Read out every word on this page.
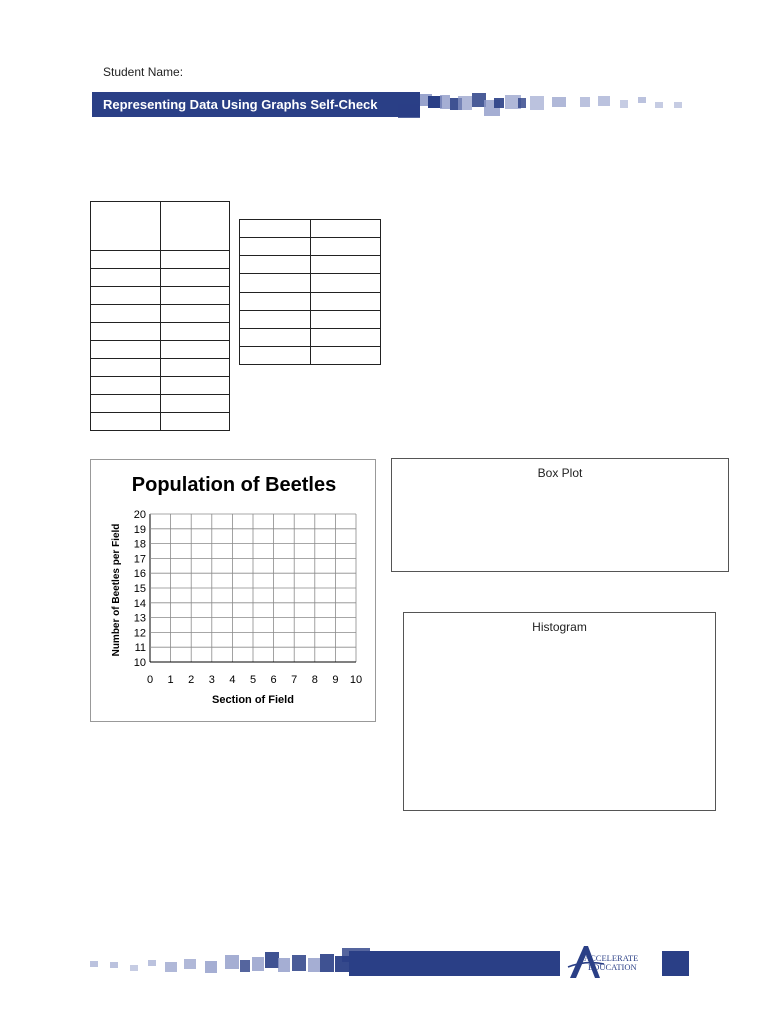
Student Name:
Representing Data Using Graphs Self-Check

Population of Beetles
0 1 2 3 4 5 6 7 8 9 10
10
11
12
13
14
15
16
17
18
19
20
Section of Field
Number of Beetles per Field
Box Plot
Histogram
ACCELERATE
EDUCATION
